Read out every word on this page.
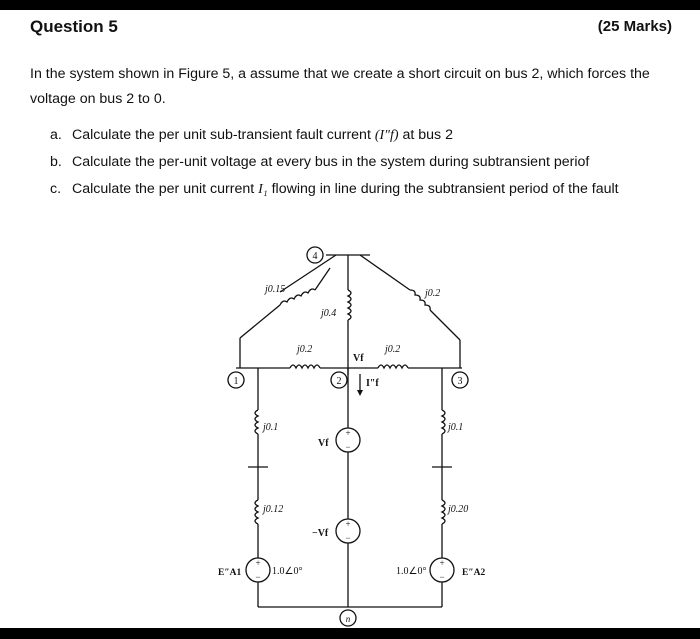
Question 5	(25 Marks)
In the system shown in Figure 5, a assume that we create a short circuit on bus 2, which forces the voltage on bus 2 to 0.
a. Calculate the per unit sub-transient fault current (I″f) at bus 2
b. Calculate the per-unit voltage at every bus in the system during subtransient periof
c. Calculate the per unit current I₁ flowing in line during the subtransient period of the fault
4
j0.15
j0.4
j0.2
j0.2	j0.2
1
j0.1
j0.12
+
−
E″A1	1.0∠0°
2
Vf
I″f
+
−
Vf
+
−
−Vf
3
j0.1
j0.20
+
−
1.0∠0°	E″A2
n
